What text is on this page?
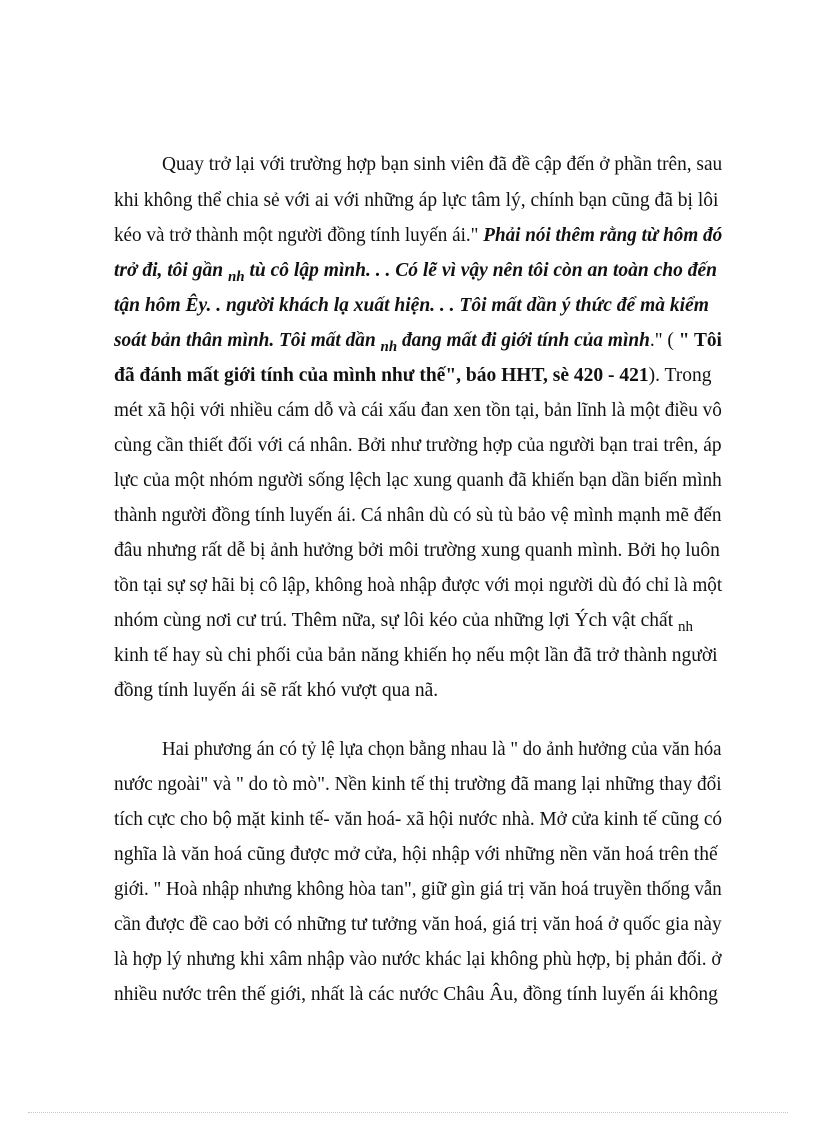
Quay trở lại với trường hợp bạn sinh viên đã đề cập đến ở phần trên, sau
khi không thể chia sẻ với ai với những áp lực tâm lý, chính bạn cũng đã bị lôi
kéo và trở thành một người đồng tính luyến ái." Phải nói thêm rằng từ hôm đó
trở đi, tôi gần $_{nh}$ tù cô lập mình. . . Có lẽ vì vậy nên tôi còn an toàn cho đến
tận hôm Êy. . người khách lạ xuất hiện. . . Tôi mất dần ý thức để mà kiểm
soát bản thân mình. Tôi mất dần $_{nh}$ đang mất đi giới tính của mình." ( " Tôi
đã đánh mất giới tính của mình như thế", báo HHT, sè 420 - 421). Trong
mét xã hội với nhiều cám dỗ và cái xấu đan xen tồn tại, bản lĩnh là một điều vô
cùng cần thiết đối với cá nhân. Bởi như trường hợp của người bạn trai trên, áp
lực của một nhóm người sống lệch lạc xung quanh đã khiến bạn dần biến mình
thành người đồng tính luyến ái. Cá nhân dù có sù tù bảo vệ mình mạnh mẽ đến
đâu nhưng rất dễ bị ảnh hưởng bởi môi trường xung quanh mình. Bởi họ luôn
tồn tại sự sợ hãi bị cô lập, không hoà nhập được với mọi người dù đó chỉ là một
nhóm cùng nơi cư trú. Thêm nữa, sự lôi kéo của những lợi Ých vật chất $_{nh}$
kinh tế hay sù chi phối của bản năng khiến họ nếu một lần đã trở thành người
đồng tính luyến ái sẽ rất khó vượt qua nã.
Hai phương án có tỷ lệ lựa chọn bằng nhau là " do ảnh hưởng của văn hóa
nước ngoài" và " do tò mò". Nền kinh tế thị trường đã mang lại những thay đổi
tích cực cho bộ mặt kinh tế- văn hoá- xã hội nước nhà. Mở cửa kinh tế cũng có
nghĩa là văn hoá cũng được mở cửa, hội nhập với những nền văn hoá trên thế
giới. " Hoà nhập nhưng không hòa tan", giữ gìn giá trị văn hoá truyền thống vẫn
cần được đề cao bởi có những tư tưởng văn hoá, giá trị văn hoá ở quốc gia này
là hợp lý nhưng khi xâm nhập vào nước khác lại không phù hợp, bị phản đối. ở
nhiều nước trên thế giới, nhất là các nước Châu Âu, đồng tính luyến ái không
